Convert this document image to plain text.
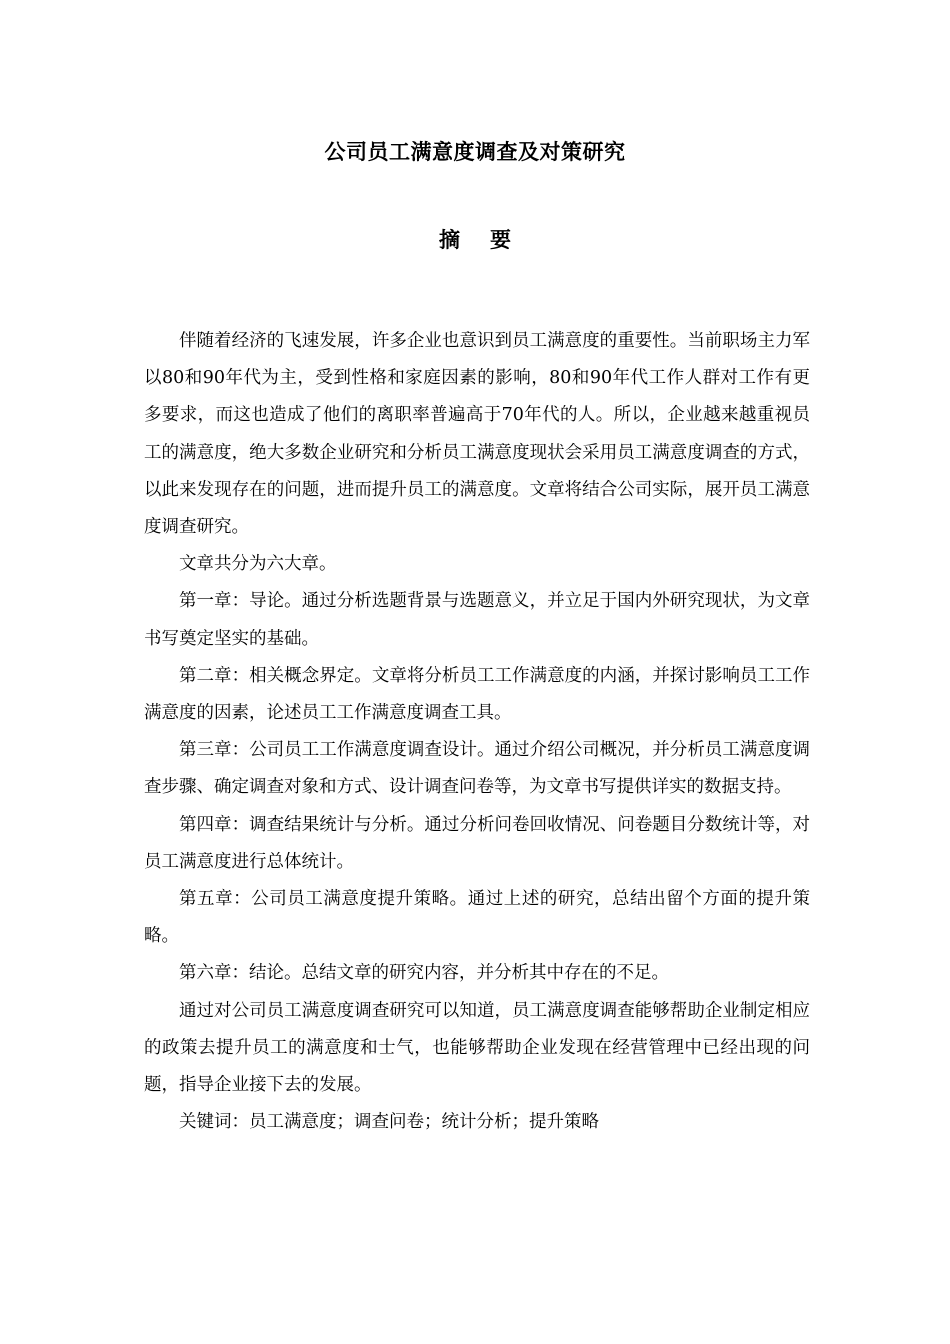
公司员工满意度调查及对策研究
摘 要

伴随着经济的飞速发展，许多企业也意识到员工满意度的重要性。当前职场主力军以80和90年代为主，受到性格和家庭因素的影响，80和90年代工作人群对工作有更多要求，而这也造成了他们的离职率普遍高于70年代的人。所以，企业越来越重视员工的满意度，绝大多数企业研究和分析员工满意度现状会采用员工满意度调查的方式，以此来发现存在的问题，进而提升员工的满意度。文章将结合公司实际，展开员工满意度调查研究。

文章共分为六大章。

第一章：导论。通过分析选题背景与选题意义，并立足于国内外研究现状，为文章书写奠定坚实的基础。

第二章：相关概念界定。文章将分析员工工作满意度的内涵，并探讨影响员工工作满意度的因素，论述员工工作满意度调查工具。

第三章：公司员工工作满意度调查设计。通过介绍公司概况，并分析员工满意度调查步骤、确定调查对象和方式、设计调查问卷等，为文章书写提供详实的数据支持。

第四章：调查结果统计与分析。通过分析问卷回收情况、问卷题目分数统计等，对员工满意度进行总体统计。

第五章：公司员工满意度提升策略。通过上述的研究，总结出留个方面的提升策略。

第六章：结论。总结文章的研究内容，并分析其中存在的不足。

通过对公司员工满意度调查研究可以知道，员工满意度调查能够帮助企业制定相应的政策去提升员工的满意度和士气，也能够帮助企业发现在经营管理中已经出现的问题，指导企业接下去的发展。

关键词：员工满意度；调查问卷；统计分析；提升策略
